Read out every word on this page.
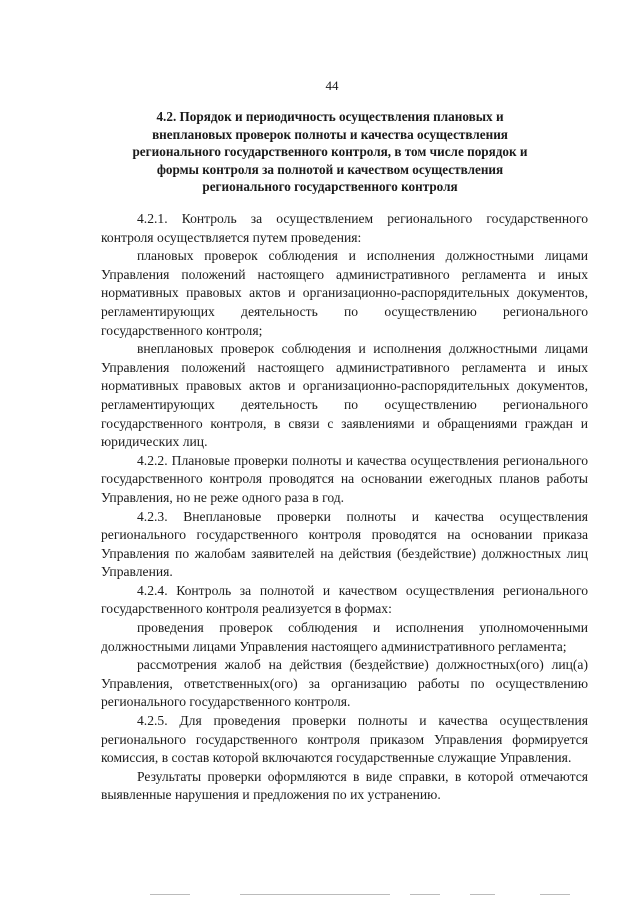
44
4.2. Порядок и периодичность осуществления плановых и внеплановых проверок полноты и качества осуществления регионального государственного контроля, в том числе порядок и формы контроля за полнотой и качеством осуществления регионального государственного контроля

4.2.1. Контроль за осуществлением регионального государственного контроля осуществляется путем проведения:

плановых проверок соблюдения и исполнения должностными лицами Управления положений настоящего административного регламента и иных нормативных правовых актов и организационно-распорядительных документов, регламентирующих деятельность по осуществлению регионального государственного контроля;

внеплановых проверок соблюдения и исполнения должностными лицами Управления положений настоящего административного регламента и иных нормативных правовых актов и организационно-распорядительных документов, регламентирующих деятельность по осуществлению регионального государственного контроля, в связи с заявлениями и обращениями граждан и юридических лиц.

4.2.2. Плановые проверки полноты и качества осуществления регионального государственного контроля проводятся на основании ежегодных планов работы Управления, но не реже одного раза в год.

4.2.3. Внеплановые проверки полноты и качества осуществления регионального государственного контроля проводятся на основании приказа Управления по жалобам заявителей на действия (бездействие) должностных лиц Управления.

4.2.4. Контроль за полнотой и качеством осуществления регионального государственного контроля реализуется в формах:

проведения проверок соблюдения и исполнения уполномоченными должностными лицами Управления настоящего административного регламента;

рассмотрения жалоб на действия (бездействие) должностных(ого) лиц(а) Управления, ответственных(ого) за организацию работы по осуществлению регионального государственного контроля.

4.2.5. Для проведения проверки полноты и качества осуществления регионального государственного контроля приказом Управления формируется комиссия, в состав которой включаются государственные служащие Управления.

Результаты проверки оформляются в виде справки, в которой отмечаются выявленные нарушения и предложения по их устранению.
